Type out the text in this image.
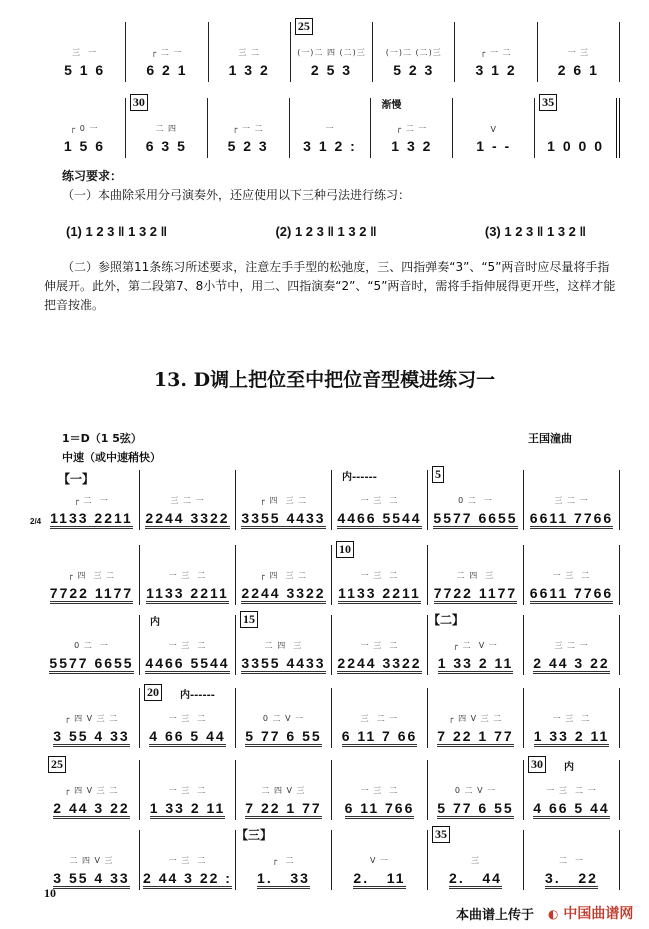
三  一
5 1 6
┌ 二 一
6 2 1
三 二
1 3 2
25
(一)二 四 (二)三
2 5 3
(一)二 (二)三
5 2 3
┌ 一 二
3 1 2
一 三
2 6 1
┌ 0 一
1 5 6
30
二 四
6 3 5
┌ 一 二
5 2 3
一
3 1 2 :
渐慢
┌ 二 一
1 3 2
V
1 - -
35
1 0 0 0
练习要求：
（一）本曲除采用分弓演奏外，还应使用以下三种弓法进行练习：
(1) 1 2 3 ‖ 1 3 2 ‖	(2) 1 2 3 ‖ 1 3 2 ‖	(3) 1 2 3 ‖ 1 3 2 ‖
（二）参照第11条练习所述要求，注意左手手型的松弛度，三、四指弹奏“3”、“5”两音时应尽量将手指伸展开。此外，第二段第7、8小节中，用二、四指演奏“2”、“5”两音时，需将手指伸展得更开些，这样才能把音按准。
13. D调上把位至中把位音型模进练习一
1＝D（1 5弦）	王国潼曲
中速（或中速稍快）
【一】
┌ 二  一
1133 2211
2/4
三 二 一
2244 3322
┌ 四  三 二
3355 4433
内------
一 三  二
4466 5544
5
0 二  一
5577 6655
三 二 一
6611 7766
┌ 四  三 二
7722 1177
一 三  二
1133 2211
┌ 四  三 二
2244 3322
10
一 三  二
1133 2211
二 四  三
7722 1177
一 三  二
6611 7766
0 二  一
5577 6655
内
一 三  二
4466 5544
15
二 四  三
3355 4433
一 三  二
2244 3322
【二】
┌ 二  V 一
1 33 2 11
三 二 一
2 44 3 22
┌ 四 V 三 二
3 55 4 33
20	内------
一 三  二
4 66 5 44
0 二 V 一
5 77 6 55
三  二 一
6 11 7 66
┌ 四 V 三 二
7 22 1 77
一 三  二
1 33 2 11
25
┌ 四 V 三 二
2 44 3 22
一 三  二
1 33 2 11
二 四 V 三
7 22 1 77
一 三  二
6 11 766
0 二 V 一
5 77 6 55
30	内
一 三  二 一
4 66 5 44
二 四 V 三
3 55 4 33
一 三  二
2 44 3 22 :
【三】
┌  二
1.   33
V 一
2.   11
35
三
2.   44
二  一
3.   22
10
本曲谱上传于 ◐ 中国曲谱网
